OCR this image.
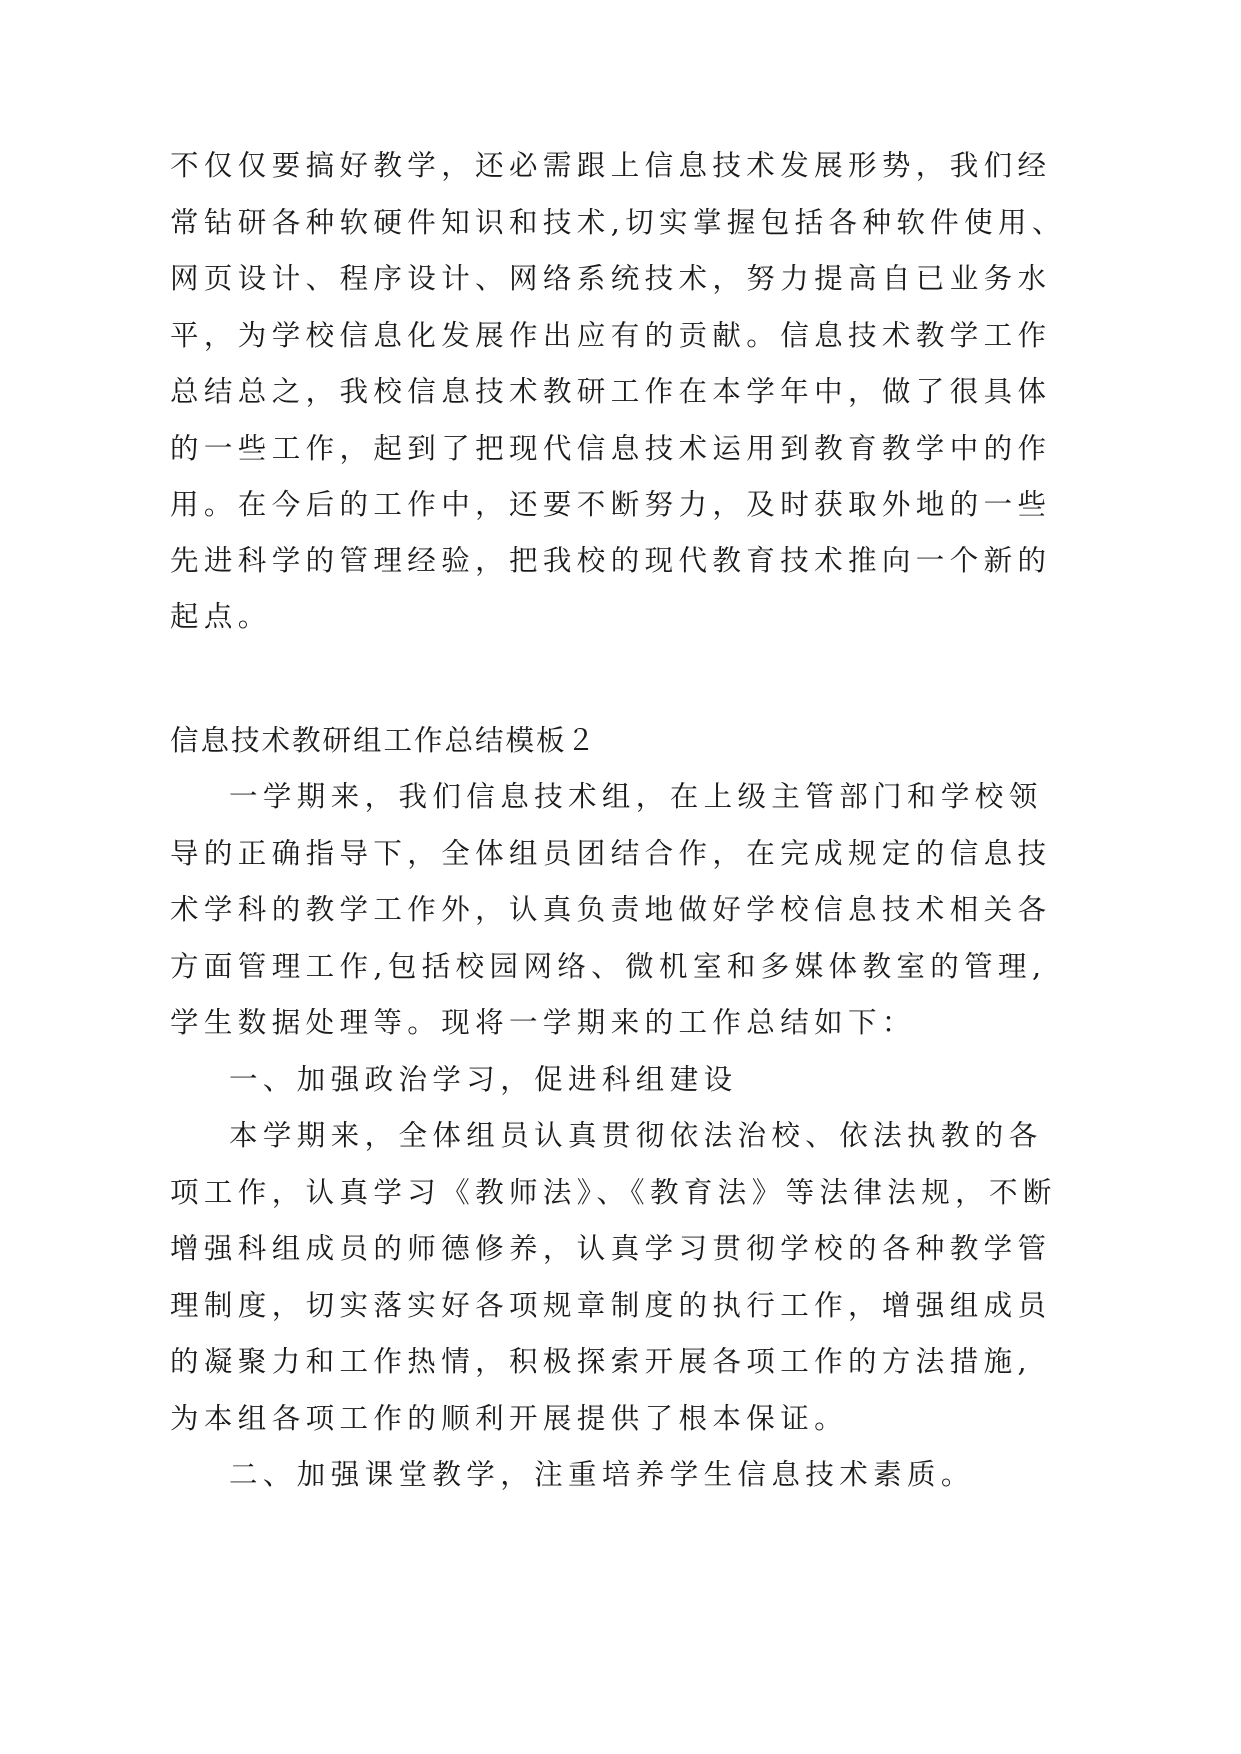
不仅仅要搞好教学，还必需跟上信息技术发展形势，我们经
常钻研各种软硬件知识和技术,切实掌握包括各种软件使用、
网页设计、程序设计、网络系统技术，努力提高自已业务水
平，为学校信息化发展作出应有的贡献。信息技术教学工作
总结总之，我校信息技术教研工作在本学年中，做了很具体
的一些工作，起到了把现代信息技术运用到教育教学中的作
用。在今后的工作中，还要不断努力，及时获取外地的一些
先进科学的管理经验，把我校的现代教育技术推向一个新的
起点。
信息技术教研组工作总结模板２
一学期来，我们信息技术组，在上级主管部门和学校领
导的正确指导下，全体组员团结合作，在完成规定的信息技
术学科的教学工作外，认真负责地做好学校信息技术相关各
方面管理工作,包括校园网络、微机室和多媒体教室的管理,
学生数据处理等。现将一学期来的工作总结如下：
一、加强政治学习，促进科组建设
本学期来，全体组员认真贯彻依法治校、依法执教的各
项工作，认真学习《教师法》、《教育法》等法律法规，不断
增强科组成员的师德修养，认真学习贯彻学校的各种教学管
理制度，切实落实好各项规章制度的执行工作，增强组成员
的凝聚力和工作热情，积极探索开展各项工作的方法措施,
为本组各项工作的顺利开展提供了根本保证。
二、加强课堂教学，注重培养学生信息技术素质。
